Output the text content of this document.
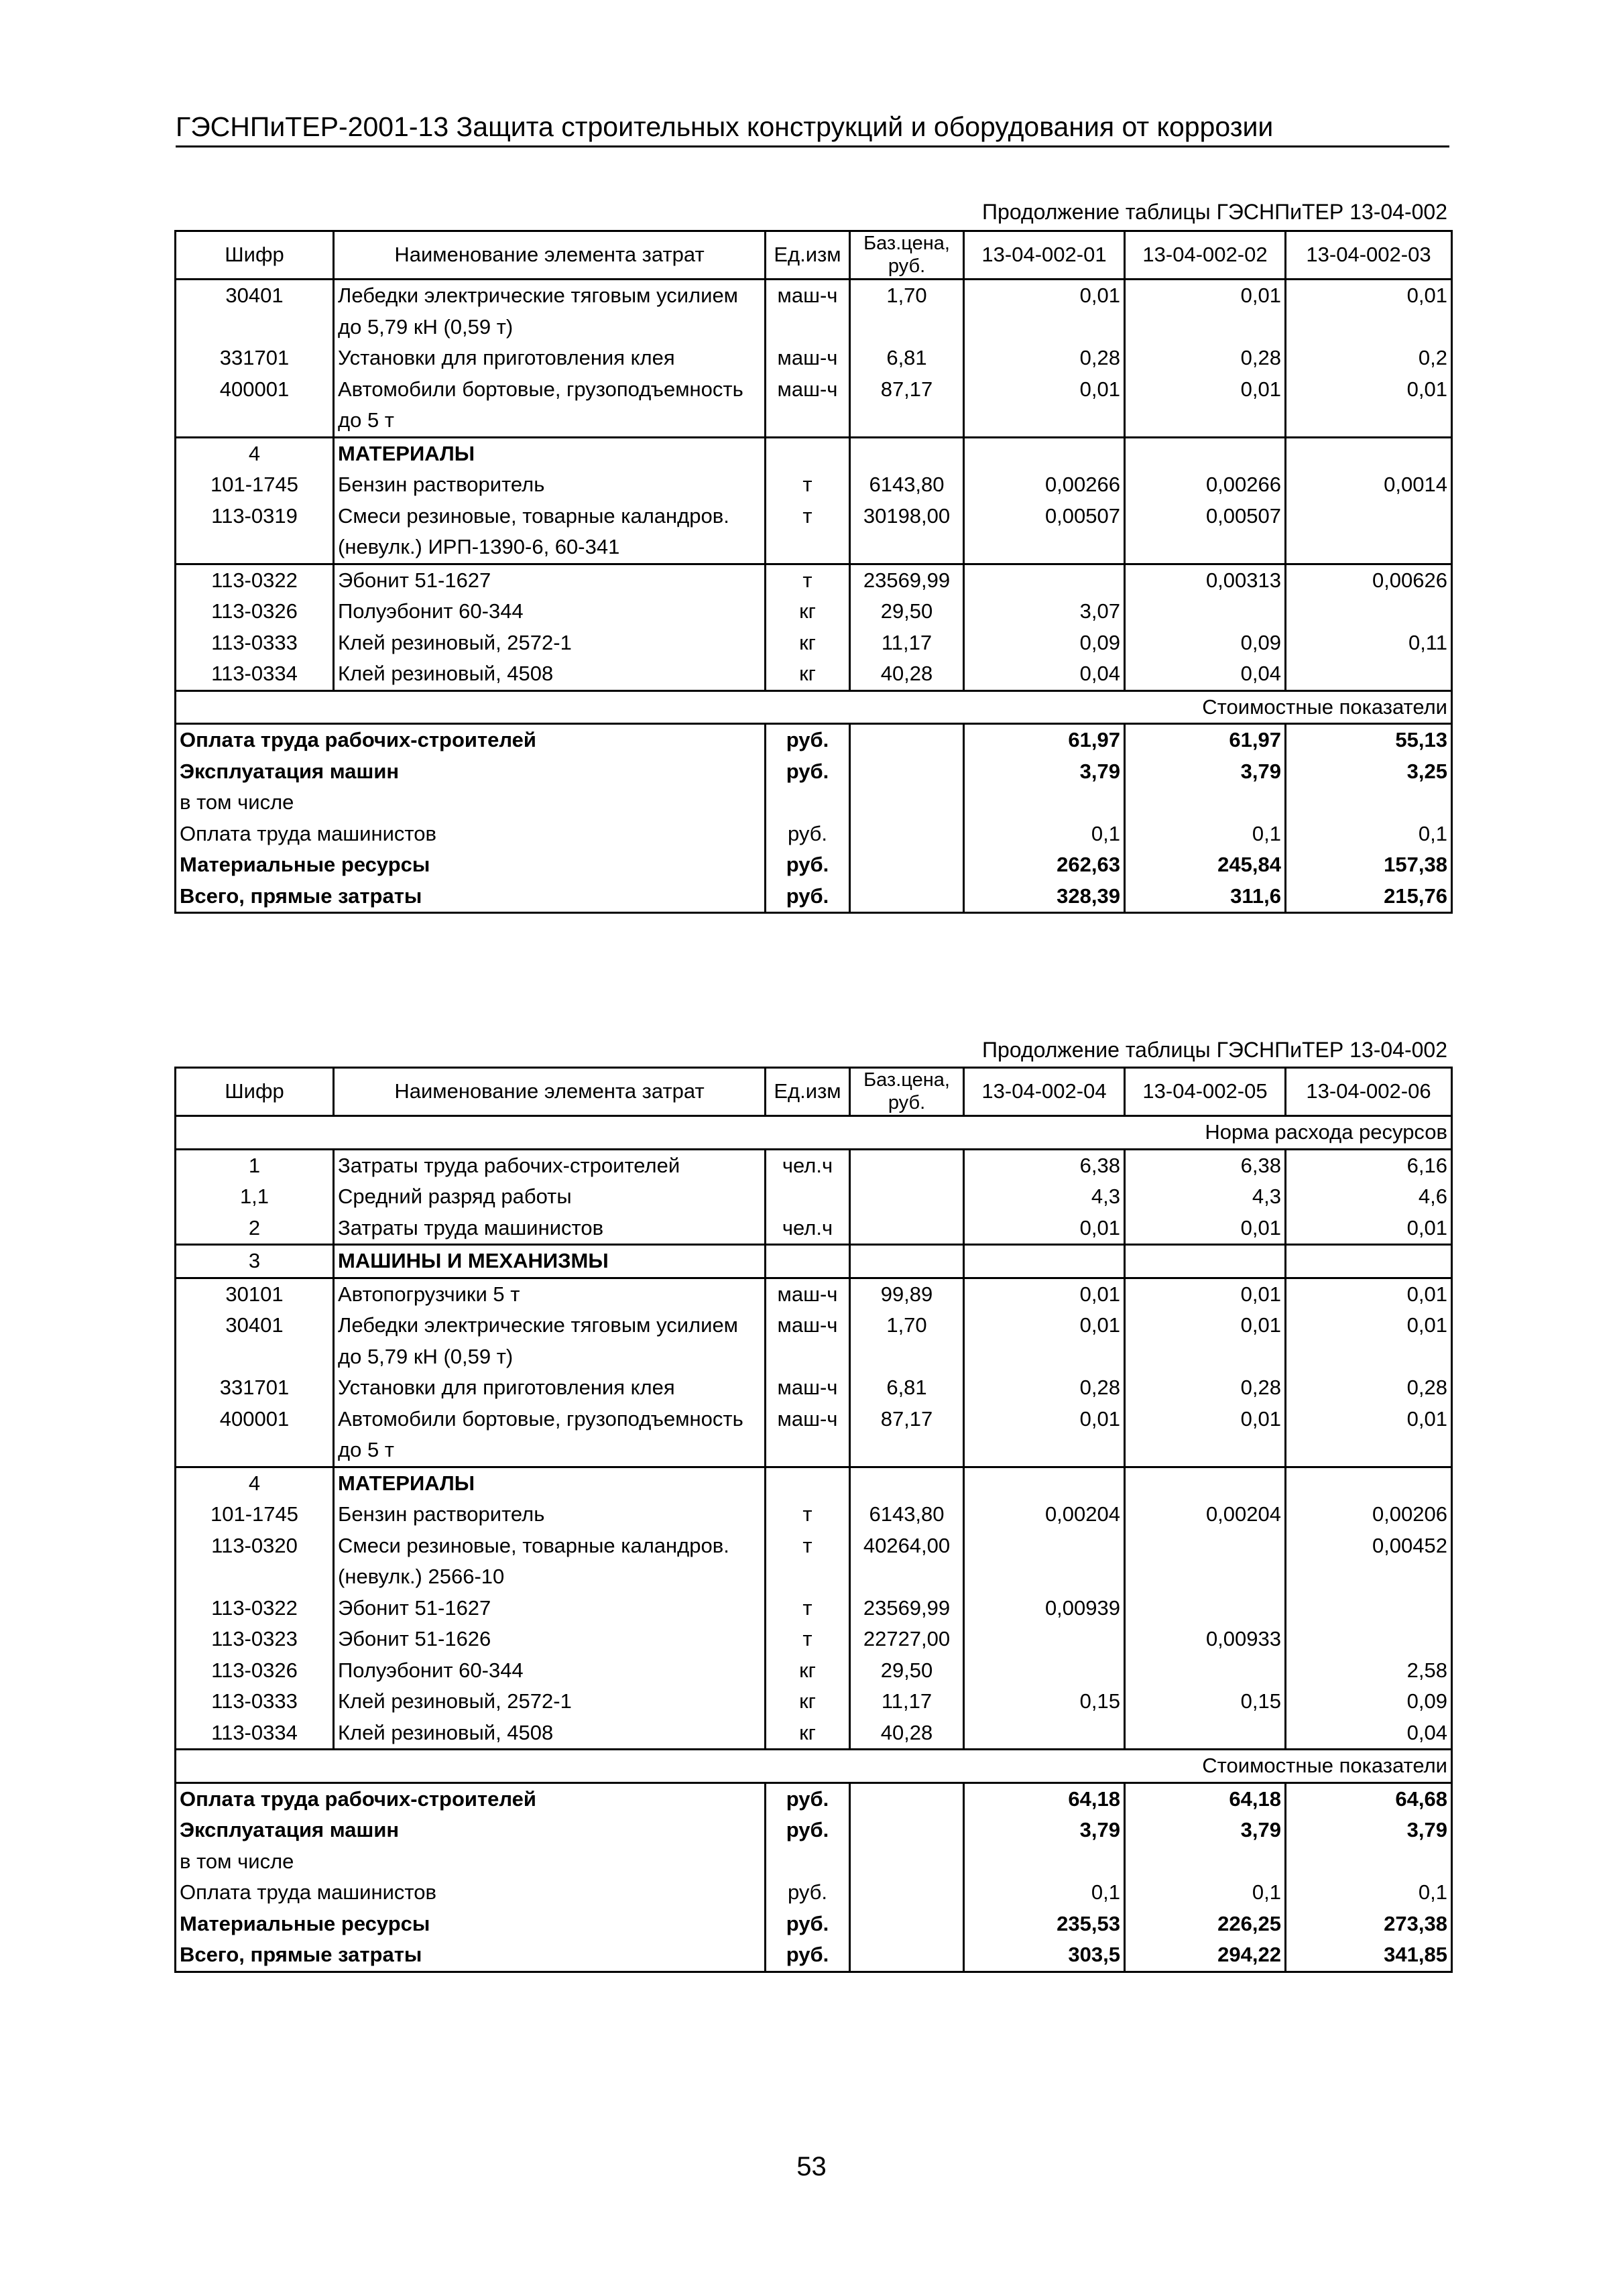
ГЭСНПиТЕР-2001-13 Защита строительных конструкций и оборудования от коррозии
Продолжение таблицы ГЭСНПиТЕР 13-04-002
Шифр	Наименование элемента затрат	Ед.изм	Баз.цена, руб.	13-04-002-01	13-04-002-02	13-04-002-03
30401	Лебедки электрические тяговым усилием до 5,79 кН (0,59 т)	маш-ч	1,70	0,01	0,01	0,01
331701	Установки для приготовления клея	маш-ч	6,81	0,28	0,28	0,2
400001	Автомобили бортовые, грузоподъемность до 5 т	маш-ч	87,17	0,01	0,01	0,01
4	МАТЕРИАЛЫ					
101-1745	Бензин растворитель	т	6143,80	0,00266	0,00266	0,0014
113-0319	Смеси резиновые, товарные каландров. (невулк.) ИРП-1390-6, 60-341	т	30198,00	0,00507	0,00507	
113-0322	Эбонит 51-1627	т	23569,99		0,00313	0,00626
113-0326	Полуэбонит 60-344	кг	29,50	3,07		
113-0333	Клей резиновый, 2572-1	кг	11,17	0,09	0,09	0,11
113-0334	Клей резиновый, 4508	кг	40,28	0,04	0,04	
Стоимостные показатели						
Оплата труда рабочих-строителей		руб.		61,97	61,97	55,13
Эксплуатация машин		руб.		3,79	3,79	3,25
в том числе						
Оплата труда машинистов		руб.		0,1	0,1	0,1
Материальные ресурсы		руб.		262,63	245,84	157,38
Всего, прямые затраты		руб.		328,39	311,6	215,76
Продолжение таблицы ГЭСНПиТЕР 13-04-002
Шифр	Наименование элемента затрат	Ед.изм	Баз.цена, руб.	13-04-002-04	13-04-002-05	13-04-002-06
Норма расхода ресурсов						
1	Затраты труда рабочих-строителей	чел.ч		6,38	6,38	6,16
1,1	Средний разряд работы			4,3	4,3	4,6
2	Затраты труда машинистов	чел.ч		0,01	0,01	0,01
3	МАШИНЫ И МЕХАНИЗМЫ					
30101	Автопогрузчики 5 т	маш-ч	99,89	0,01	0,01	0,01
30401	Лебедки электрические тяговым усилием до 5,79 кН (0,59 т)	маш-ч	1,70	0,01	0,01	0,01
331701	Установки для приготовления клея	маш-ч	6,81	0,28	0,28	0,28
400001	Автомобили бортовые, грузоподъемность до 5 т	маш-ч	87,17	0,01	0,01	0,01
4	МАТЕРИАЛЫ					
101-1745	Бензин растворитель	т	6143,80	0,00204	0,00204	0,00206
113-0320	Смеси резиновые, товарные каландров. (невулк.) 2566-10	т	40264,00			0,00452
113-0322	Эбонит 51-1627	т	23569,99	0,00939		
113-0323	Эбонит 51-1626	т	22727,00		0,00933	
113-0326	Полуэбонит 60-344	кг	29,50			2,58
113-0333	Клей резиновый, 2572-1	кг	11,17	0,15	0,15	0,09
113-0334	Клей резиновый, 4508	кг	40,28			0,04
Стоимостные показатели						
Оплата труда рабочих-строителей		руб.		64,18	64,18	64,68
Эксплуатация машин		руб.		3,79	3,79	3,79
в том числе						
Оплата труда машинистов		руб.		0,1	0,1	0,1
Материальные ресурсы		руб.		235,53	226,25	273,38
Всего, прямые затраты		руб.		303,5	294,22	341,85
53
